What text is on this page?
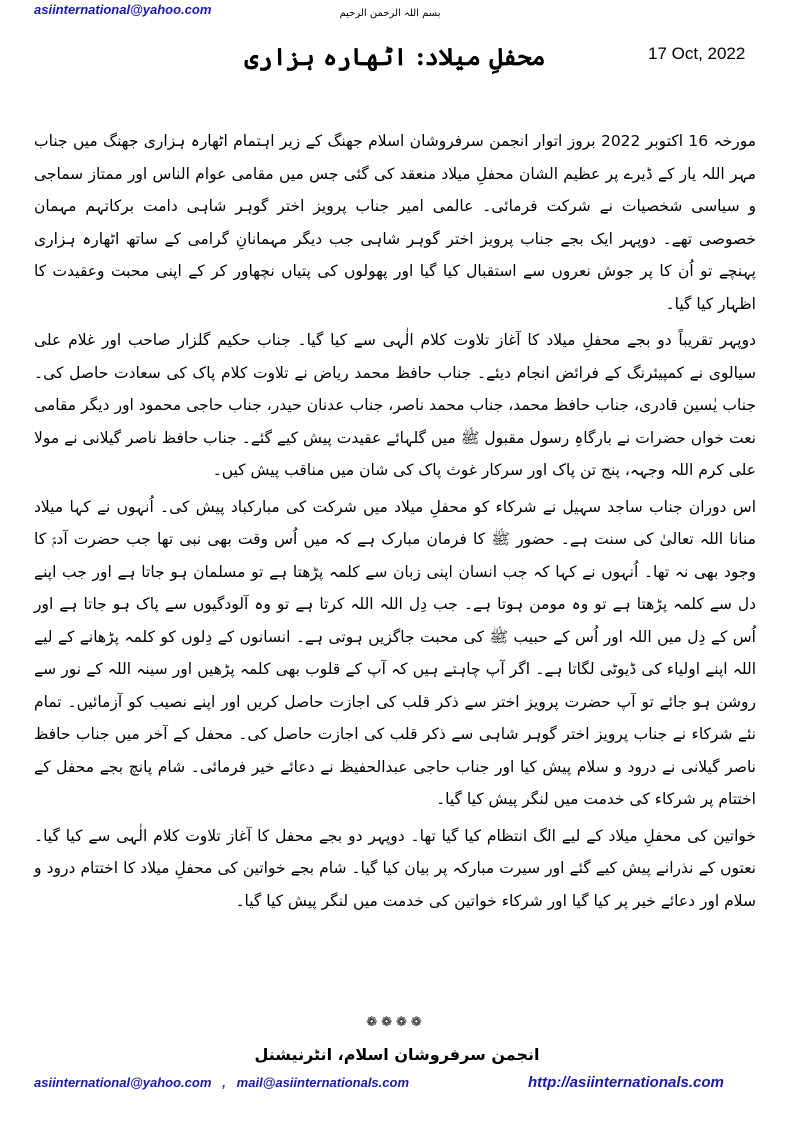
asiinternational@yahoo.com	بسم اللہ الرحمن الرحیم
17 Oct, 2022
محفلِ میلاد: اٹھارہ ہزاری

مورخہ 16 اکتوبر 2022 بروز اتوار انجمن سرفروشان اسلام جھنگ کے زیر اہتمام اٹھارہ ہزاری جھنگ میں جناب مہر اللہ یار کے ڈیرے پر عظیم الشان محفلِ میلاد منعقد کی گئی جس میں مقامی عوام الناس اور ممتاز سماجی و سیاسی شخصیات نے شرکت فرمائی۔ عالمی امیر جناب پرویز اختر گوہر شاہی دامت برکاتہم مہمان خصوصی تھے۔ دوپہر ایک بجے جناب پرویز اختر گوہر شاہی جب دیگر مہمانانِ گرامی کے ساتھ اٹھارہ ہزاری پہنچے تو اُن کا پر جوش نعروں سے استقبال کیا گیا اور پھولوں کی پتیاں نچھاور کر کے اپنی محبت وعقیدت کا اظہار کیا گیا۔

دوپہر تقریباً دو بجے محفلِ میلاد کا آغاز تلاوت کلام الٰہی سے کیا گیا۔ جناب حکیم گلزار صاحب اور غلام علی سیالوی نے کمپیئرنگ کے فرائض انجام دیئے۔ جناب حافظ محمد ریاض نے تلاوت کلام پاک کی سعادت حاصل کی۔ جناب یٰسین قادری، جناب حافظ محمد، جناب محمد ناصر، جناب عدنان حیدر، جناب حاجی محمود اور دیگر مقامی نعت خواں حضرات نے بارگاہِ رسول مقبول ﷺ میں گلہائے عقیدت پیش کیے گئے۔ جناب حافظ ناصر گیلانی نے مولا علی کرم اللہ وجہہ، پنج تن پاک اور سرکار غوث پاک کی شان میں مناقب پیش کیں۔

اس دوران جناب ساجد سہیل نے شرکاء کو محفلِ میلاد میں شرکت کی مبارکباد پیش کی۔ اُنہوں نے کہا میلاد منانا اللہ تعالیٰ کی سنت ہے۔ حضور ﷺ کا فرمان مبارک ہے کہ میں اُس وقت بھی نبی تھا جب حضرت آدمؑ کا وجود بھی نہ تھا۔ اُنہوں نے کہا کہ جب انسان اپنی زبان سے کلمہ پڑھتا ہے تو مسلمان ہو جاتا ہے اور جب اپنے دل سے کلمہ پڑھتا ہے تو وہ مومن ہوتا ہے۔ جب دِل اللہ اللہ کرتا ہے تو وہ آلودگیوں سے پاک ہو جاتا ہے اور اُس کے دِل میں اللہ اور اُس کے حبیب ﷺ کی محبت جاگزیں ہوتی ہے۔ انسانوں کے دِلوں کو کلمہ پڑھانے کے لیے اللہ اپنے اولیاء کی ڈیوٹی لگاتا ہے۔ اگر آپ چاہتے ہیں کہ آپ کے قلوب بھی کلمہ پڑھیں اور سینہ اللہ کے نور سے روشن ہو جائے تو آپ حضرت پرویز اختر سے ذکر قلب کی اجازت حاصل کریں اور اپنے نصیب کو آزمائیں۔ تمام نئے شرکاء نے جناب پرویز اختر گوہر شاہی سے ذکر قلب کی اجازت حاصل کی۔ محفل کے آخر میں جناب حافظ ناصر گیلانی نے درود و سلام پیش کیا اور جناب حاجی عبدالحفیظ نے دعائے خیر فرمائی۔ شام پانچ بجے محفل کے اختتام پر شرکاء کی خدمت میں لنگر پیش کیا گیا۔

خواتین کی محفلِ میلاد کے لیے الگ انتظام کیا گیا تھا۔ دوپہر دو بجے محفل کا آغاز تلاوت کلام الٰہی سے کیا گیا۔ نعتوں کے نذرانے پیش کیے گئے اور سیرت مبارکہ پر بیان کیا گیا۔ شام بجے خواتین کی محفلِ میلاد کا اختتام درود و سلام اور دعائے خیر پر کیا گیا اور شرکاء خواتین کی خدمت میں لنگر پیش کیا گیا۔

❁❁❁❁
انجمن سرفروشان اسلام، انٹرنیشنل
asiinternational@yahoo.com   ,   mail@asiinternationals.com	http://asiinternationals.com
